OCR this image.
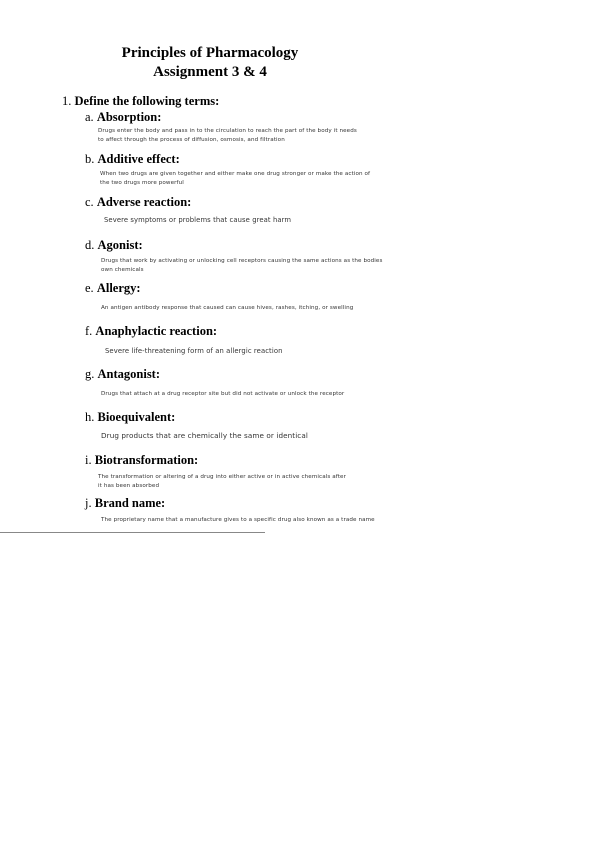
Principles of Pharmacology
Assignment 3 & 4
1. Define the following terms:
a. Absorption:
Drugs enter the body and pass in to the circulation to reach the part of the body it needs
to affect through the process of diffusion, osmosis, and filtration
b. Additive effect:
When two drugs are given together and either make one drug stronger or make the action of
the two drugs more powerful
c. Adverse reaction:
Severe symptoms or problems that cause great harm
d. Agonist:
Drugs that work by activating or unlocking cell receptors causing the same actions as the bodies
own chemicals
e. Allergy:
An antigen antibody response that caused can cause hives, rashes, itching, or swelling
f. Anaphylactic reaction:
Severe life-threatening form of an allergic reaction
g. Antagonist:
Drugs that attach at a drug receptor site but did not activate or unlock the receptor
h. Bioequivalent:
Drug products that are chemically the same or identical
i. Biotransformation:
The transformation or altering of a drug into either active or in active chemicals after
it has been absorbed
j. Brand name:
The proprietary name that a manufacture gives to a specific drug also known as a trade name
